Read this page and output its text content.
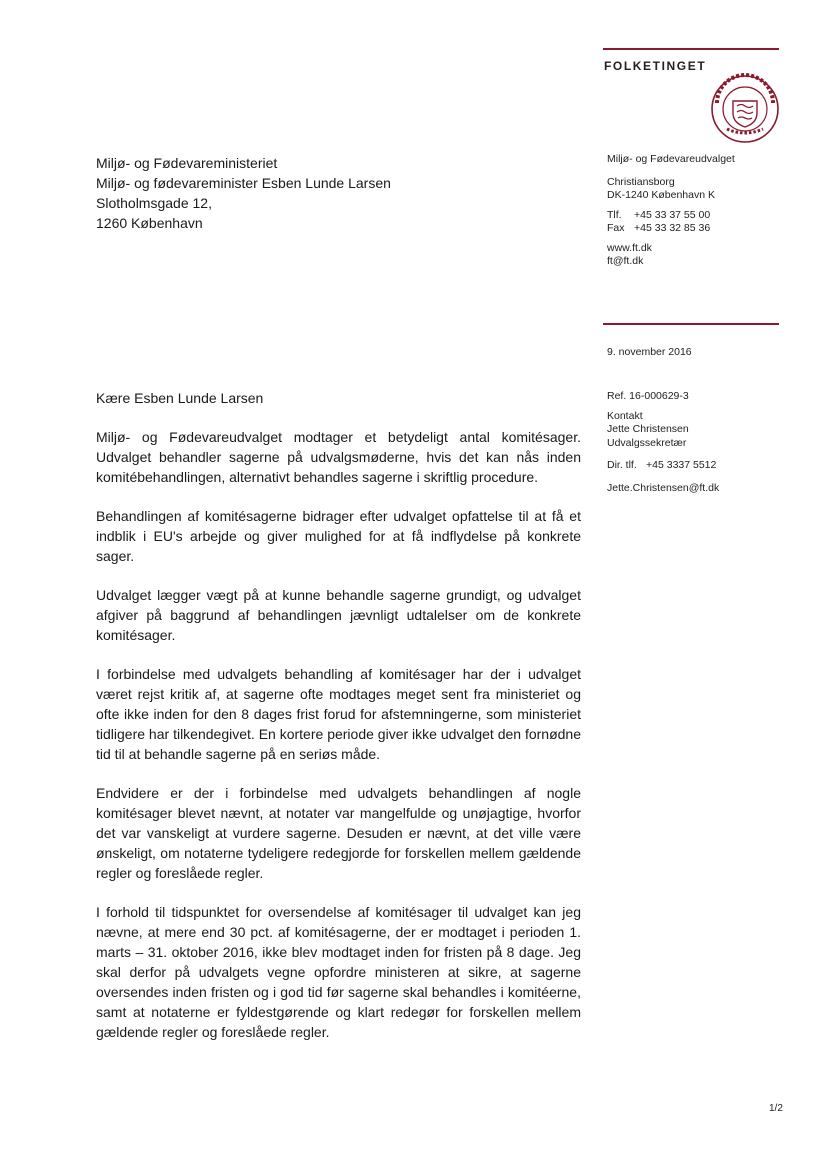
FOLKETINGET
Miljø- og Fødevareministeriet
Miljø- og fødevareminister Esben Lunde Larsen
Slotholmsgade 12,
1260 København
Miljø- og Fødevareudvalget
Christiansborg
DK-1240 København K
Tlf. +45 33 37 55 00
Fax +45 33 32 85 36
www.ft.dk
ft@ft.dk
9. november 2016
Ref. 16-000629-3
Kontakt
Jette Christensen
Udvalgssekretær
Dir. tlf. +45 3337 5512
Jette.Christensen@ft.dk
Kære Esben Lunde Larsen

Miljø- og Fødevareudvalget modtager et betydeligt antal komitésager. Udvalget behandler sagerne på udvalgsmøderne, hvis det kan nås inden komitébehandlingen, alternativt behandles sagerne i skriftlig procedure.

Behandlingen af komitésagerne bidrager efter udvalget opfattelse til at få et indblik i EU's arbejde og giver mulighed for at få indflydelse på konkrete sager.

Udvalget lægger vægt på at kunne behandle sagerne grundigt, og udvalget afgiver på baggrund af behandlingen jævnligt udtalelser om de konkrete komitésager.

I forbindelse med udvalgets behandling af komitésager har der i udvalget været rejst kritik af, at sagerne ofte modtages meget sent fra ministeriet og ofte ikke inden for den 8 dages frist forud for afstemningerne, som ministeriet tidligere har tilkendegivet. En kortere periode giver ikke udvalget den fornødne tid til at behandle sagerne på en seriøs måde.

Endvidere er der i forbindelse med udvalgets behandlingen af nogle komitésager blevet nævnt, at notater var mangelfulde og unøjagtige, hvorfor det var vanskeligt at vurdere sagerne. Desuden er nævnt, at det ville være ønskeligt, om notaterne tydeligere redegjorde for forskellen mellem gældende regler og foreslåede regler.

I forhold til tidspunktet for oversendelse af komitésager til udvalget kan jeg nævne, at mere end 30 pct. af komitésagerne, der er modtaget i perioden 1. marts – 31. oktober 2016, ikke blev modtaget inden for fristen på 8 dage. Jeg skal derfor på udvalgets vegne opfordre ministeren at sikre, at sagerne oversendes inden fristen og i god tid før sagerne skal behandles i komitéerne, samt at notaterne er fyldestgørende og klart redegør for forskellen mellem gældende regler og foreslåede regler.

1/2
